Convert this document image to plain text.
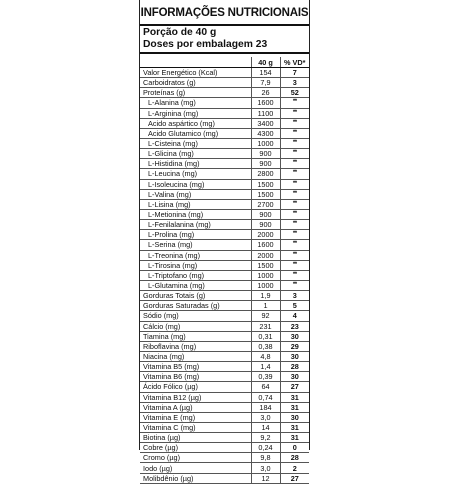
INFORMAÇÕES NUTRICIONAIS
Porção de 40 g
Doses por embalagem 23
	40 g	% VD*
Valor Energético (Kcal)	154	7
Carboidratos (g)	7,9	3
Proteínas (g)	26	52
L-Alanina (mg)	1600	**
L-Arginina (mg)	1100	**
Acido aspártico (mg)	3400	**
Acido Glutamico (mg)	4300	**
L-Cisteina (mg)	1000	**
L-Glicina (mg)	900	**
L-Histidina (mg)	900	**
L-Leucina (mg)	2800	**
L-Isoleucina (mg)	1500	**
L-Valina (mg)	1500	**
L-Lisina (mg)	2700	**
L-Metionina (mg)	900	**
L-Fenilalanina (mg)	900	**
L-Prolina (mg)	2000	**
L-Serina (mg)	1600	**
L-Treonina (mg)	2000	**
L-Tirosina (mg)	1500	**
L-Triptofano (mg)	1000	**
L-Glutamina (mg)	1000	**
Gorduras Totais (g)	1,9	3
Gorduras Saturadas (g)	1	5
Sódio (mg)	92	4
Cálcio (mg)	231	23
Tiamina (mg)	0,31	30
Riboflavina (mg)	0,38	29
Niacina (mg)	4,8	30
Vitamina B5 (mg)	1,4	28
Vitamina B6 (mg)	0,39	30
Ácido Fólico (µg)	64	27
Vitamina B12 (µg)	0,74	31
Vitamina A (µg)	184	31
Vitamina E (mg)	3,0	30
Vitamina C (mg)	14	31
Biotina (µg)	9,2	31
Cobre (µg)	0,24	0
Cromo (µg)	9,8	28
Iodo (µg)	3,0	2
Molibdênio (µg)	12	27
